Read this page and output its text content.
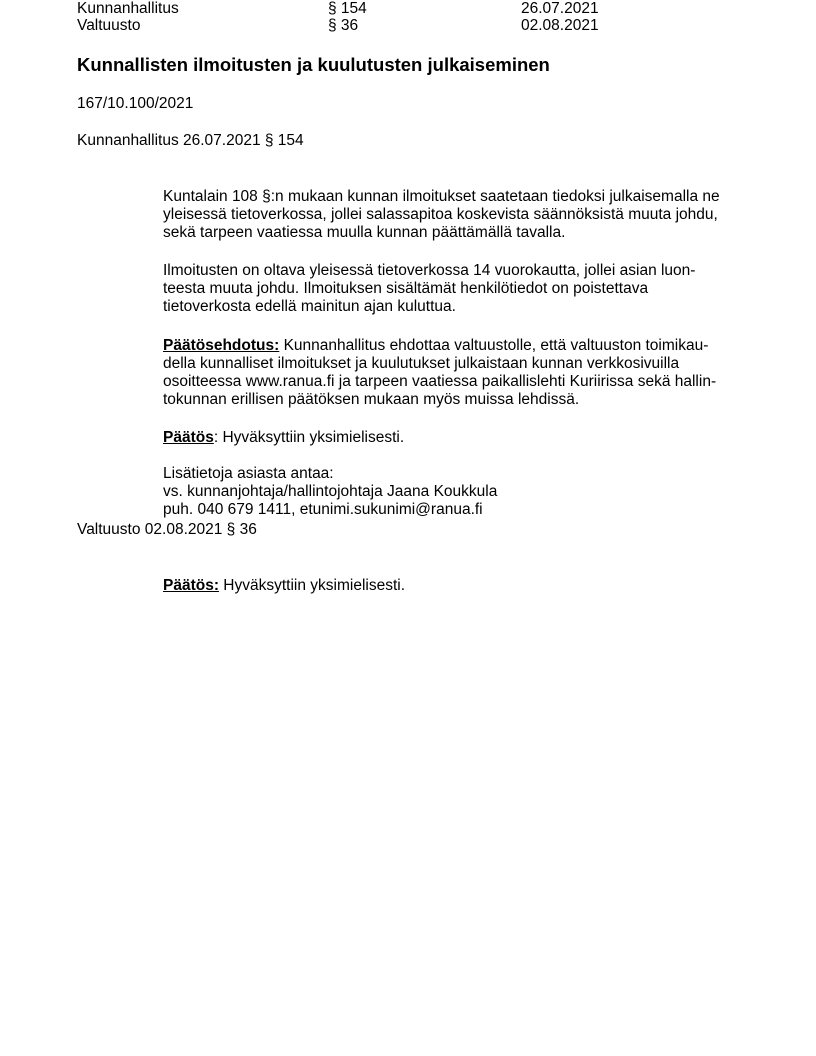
Kunnanhallitus	§ 154	26.07.2021
Valtuusto	§ 36	02.08.2021
Kunnallisten ilmoitusten ja kuulutusten julkaiseminen
167/10.100/2021
Kunnanhallitus 26.07.2021 § 154

Kuntalain 108 §:n mukaan kunnan ilmoitukset saatetaan tiedoksi julkaisemalla ne
yleisessä tietoverkossa, jollei salassapitoa koskevista säännöksistä muuta johdu,
sekä tarpeen vaatiessa muulla kunnan päättämällä tavalla.

Ilmoitusten on oltava yleisessä tietoverkossa 14 vuorokautta, jollei asian luon-
teesta muuta johdu. Ilmoituksen sisältämät henkilötiedot on poistettava
tietoverkosta edellä mainitun ajan kuluttua.

Päätösehdotus: Kunnanhallitus ehdottaa valtuustolle, että valtuuston toimikau-
della kunnalliset ilmoitukset ja kuulutukset julkaistaan kunnan verkkosivuilla
osoitteessa www.ranua.fi ja tarpeen vaatiessa paikallislehti Kuriirissa sekä hallin-
tokunnan erillisen päätöksen mukaan myös muissa lehdissä.

Päätös: Hyväksyttiin yksimielisesti.

Lisätietoja asiasta antaa:
vs. kunnanjohtaja/hallintojohtaja Jaana Koukkula
puh. 040 679 1411, etunimi.sukunimi@ranua.fi
Valtuusto 02.08.2021 § 36

Päätös: Hyväksyttiin yksimielisesti.
